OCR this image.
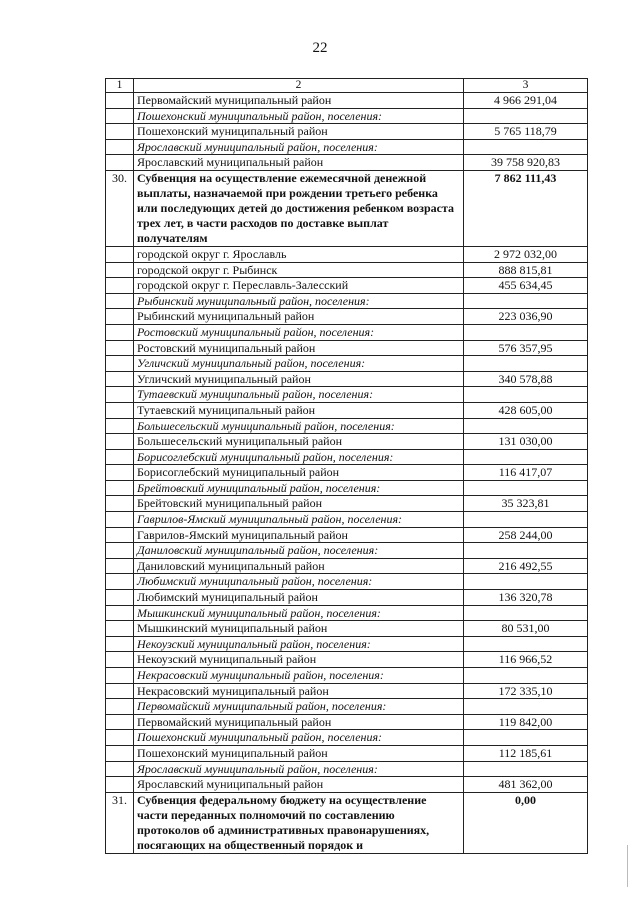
22
1	2	3
	Первомайский муниципальный район	4 966 291,04
	Пошехонский муниципальный район, поселения:	
	Пошехонский муниципальный район	5 765 118,79
	Ярославский муниципальный район, поселения:	
	Ярославский муниципальный район	39 758 920,83
30.	Субвенция на осуществление ежемесячной денежной выплаты, назначаемой при рождении третьего ребенка или последующих детей до достижения ребенком возраста трех лет, в части расходов по доставке выплат получателям	7 862 111,43
	городской округ г. Ярославль	2 972 032,00
	городской округ г. Рыбинск	888 815,81
	городской округ г. Переславль-Залесский	455 634,45
	Рыбинский муниципальный район, поселения:	
	Рыбинский муниципальный район	223 036,90
	Ростовский муниципальный район, поселения:	
	Ростовский муниципальный район	576 357,95
	Угличский муниципальный район, поселения:	
	Угличский муниципальный район	340 578,88
	Тутаевский муниципальный район, поселения:	
	Тутаевский муниципальный район	428 605,00
	Большесельский муниципальный район, поселения:	
	Большесельский муниципальный район	131 030,00
	Борисоглебский муниципальный район, поселения:	
	Борисоглебский муниципальный район	116 417,07
	Брейтовский муниципальный район, поселения:	
	Брейтовский муниципальный район	35 323,81
	Гаврилов-Ямский муниципальный район, поселения:	
	Гаврилов-Ямский муниципальный район	258 244,00
	Даниловский муниципальный район, поселения:	
	Даниловский муниципальный район	216 492,55
	Любимский муниципальный район, поселения:	
	Любимский муниципальный район	136 320,78
	Мышкинский муниципальный район, поселения:	
	Мышкинский муниципальный район	80 531,00
	Некоузский муниципальный район, поселения:	
	Некоузский муниципальный район	116 966,52
	Некрасовский муниципальный район, поселения:	
	Некрасовский муниципальный район	172 335,10
	Первомайский муниципальный район, поселения:	
	Первомайский муниципальный район	119 842,00
	Пошехонский муниципальный район, поселения:	
	Пошехонский муниципальный район	112 185,61
	Ярославский муниципальный район, поселения:	
	Ярославский муниципальный район	481 362,00
31.	Субвенция федеральному бюджету на осуществление части переданных полномочий по составлению протоколов об административных правонарушениях, посягающих на общественный порядок и	0,00
